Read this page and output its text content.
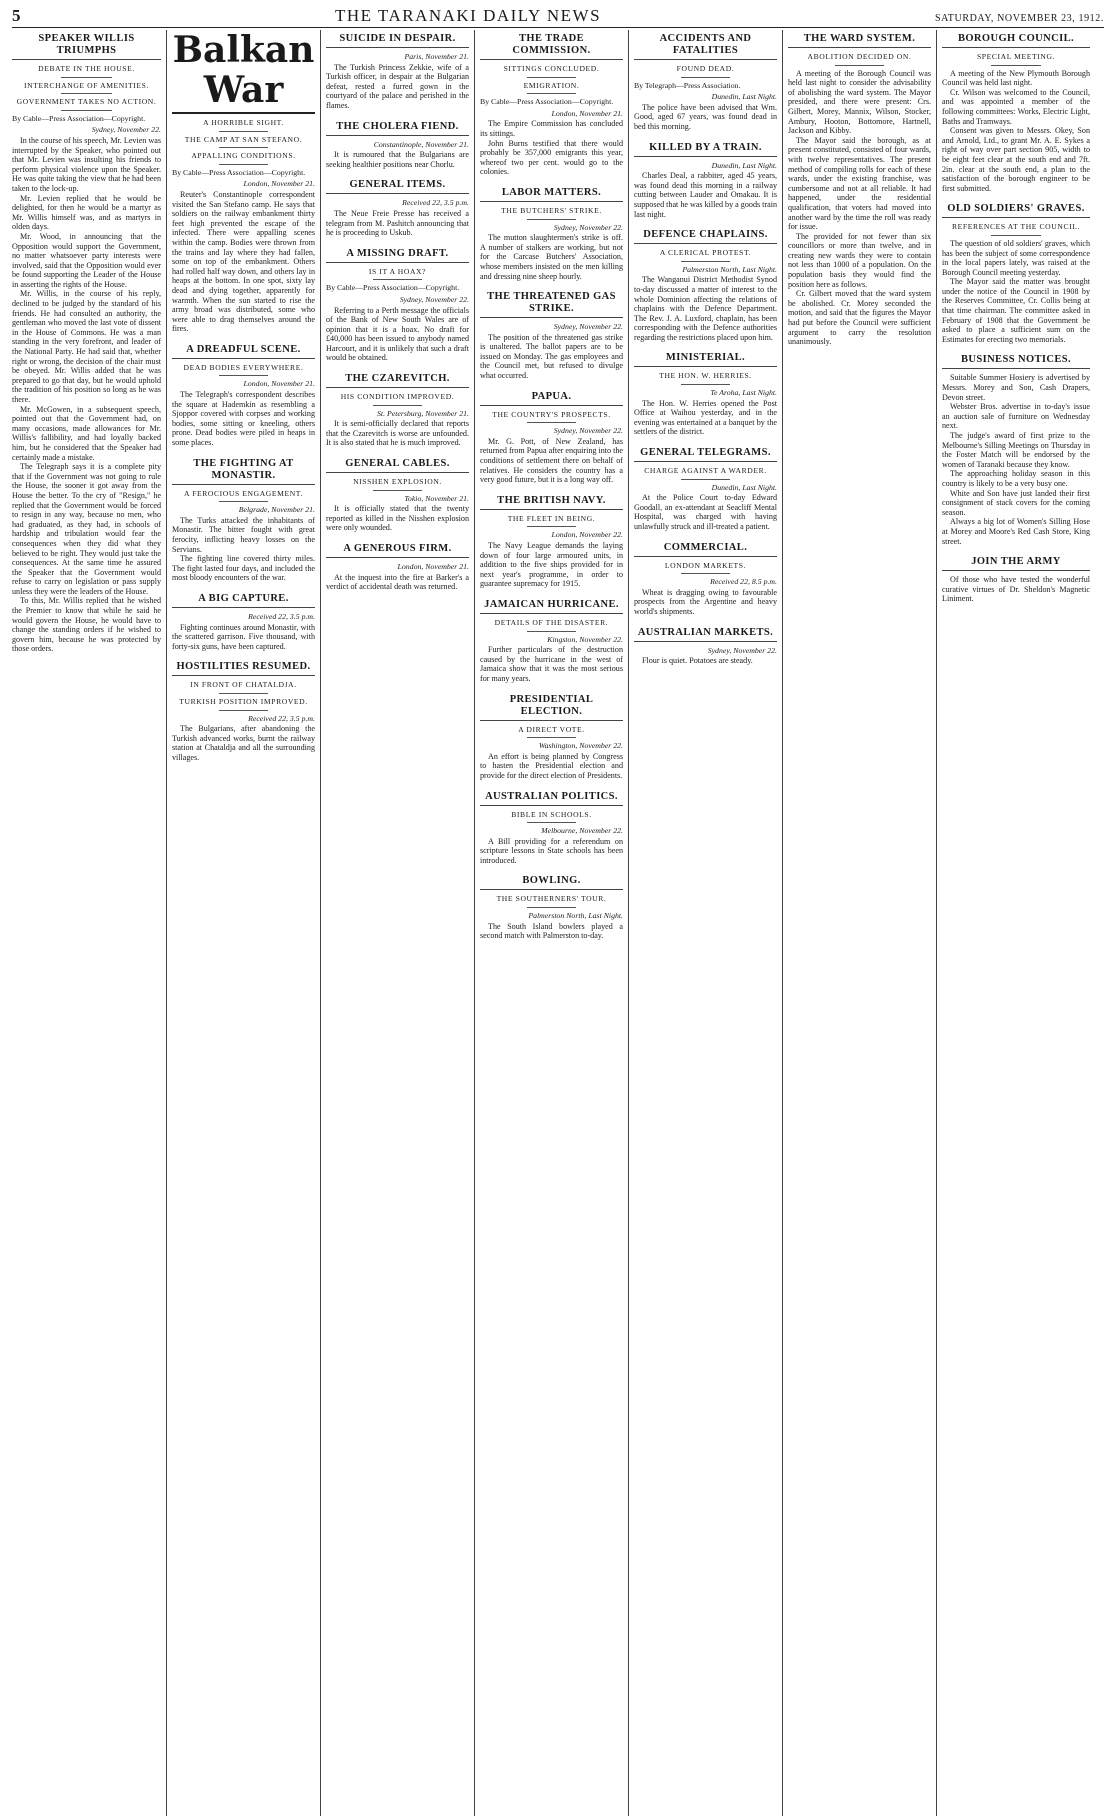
5	THE TARANAKI DAILY NEWS	SATURDAY, NOVEMBER 23, 1912.
SPEAKER WILLIS TRIUMPHS
DEBATE IN THE HOUSE.
INTERCHANGE OF AMENITIES.
GOVERNMENT TAKES NO ACTION.
By Cable—Press Association—Copyright.
Sydney, November 22.

In the course of his speech, Mr. Levien was interrupted by the Speaker, who pointed out that Mr. Levien was insulting his friends to perform physical violence upon the Speaker. He was quite taking the view that he had been taken to the lock-up.

Mr. Levien replied that he would be delighted, for then he would be a martyr as Mr. Willis himself was, and as martyrs in olden days.

Mr. Wood, in announcing that the Opposition would support the Government, no matter whatsoever party interests were involved, said that the Opposition would ever be found supporting the Leader of the House in asserting the rights of the House.

Mr. Willis, in the course of his reply, declined to be judged by the standard of his friends. He had consulted an authority, the gentleman who moved the last vote of dissent in the House of Commons. He was a man standing in the very forefront, and leader of the National Party. He had said that, whether right or wrong, the decision of the chair must be obeyed. Mr. Willis added that he was prepared to go that day, but he would uphold the tradition of his position so long as he was there.

Mr. McGowen, in a subsequent speech, pointed out that the Government had, on many occasions, made allowances for Mr. Willis's fallibility, and had loyally backed him, but he considered that the Speaker had certainly made a mistake.

The Telegraph says it is a complete pity that if the Government was not going to rule the House, the sooner it got away from the House the better. To the cry of "Resign," he replied that the Government would be forced to resign in any way, because no men, who had graduated, as they had, in schools of hardship and tribulation would fear the consequences when they did what they believed to be right. They would just take the consequences. At the same time he assured the Speaker that the Government would refuse to carry on legislation or pass supply unless they were the leaders of the House.

To this, Mr. Willis replied that he wished the Premier to know that while he said he would govern the House, he would have to change the standing orders if he wished to govern him, because he was protected by those orders.

Balkan War
A HORRIBLE SIGHT.
THE CAMP AT SAN STEFANO.
APPALLING CONDITIONS.
By Cable—Press Association—Copyright.
London, November 21.

Reuter's Constantinople correspondent visited the San Stefano camp. He says that soldiers on the railway embankment thirty feet high prevented the escape of the infected. There were appalling scenes within the camp. Bodies were thrown from the trains and lay where they had fallen, some on top of the embankment. Others had rolled half way down, and others lay in heaps at the bottom. In one spot, sixty lay dead and dying together, apparently for warmth. When the sun started to rise the army broad was distributed, some who were able to drag themselves around the fires.

A DREADFUL SCENE.
DEAD BODIES EVERYWHERE.
London, November 21.

The Telegraph's correspondent describes the square at Hademkin as resembling a Sjoppor covered with corpses and working bodies, some sitting or kneeling, others prone. Dead bodies were piled in heaps in some places.

THE FIGHTING AT MONASTIR.
A FEROCIOUS ENGAGEMENT.
Belgrade, November 21.

The Turks attacked the inhabitants of Monastir. The bitter fought with great ferocity, inflicting heavy losses on the Servians.

The fighting line covered thirty miles. The fight lasted four days, and included the most bloody encounters of the war.

A BIG CAPTURE.
Received 22, 3.5 p.m.

Fighting continues around Monastir, with the scattered garrison. Five thousand, with forty-six guns, have been captured.

HOSTILITIES RESUMED.
IN FRONT OF CHATALDJA.
TURKISH POSITION IMPROVED.
Received 22, 3.5 p.m.

The Bulgarians, after abandoning the Turkish advanced works, burnt the railway station at Chataldja and all the surrounding villages.

SUICIDE IN DESPAIR.
Paris, November 21.

The Turkish Princess Zekkie, wife of a Turkish officer, in despair at the Bulgarian defeat, rested a furred gown in the courtyard of the palace and perished in the flames.

THE CHOLERA FIEND.
Constantinople, November 21.

It is rumoured that the Bulgarians are seeking healthier positions near Chorlu.

GENERAL ITEMS.
Received 22, 3.5 p.m.

The Neue Freie Presse has received a telegram from M. Pashitch announcing that he is proceeding to Uskub.

A MISSING DRAFT.
IS IT A HOAX?
By Cable—Press Association—Copyright.
Sydney, November 22.

Referring to a Perth message the officials of the Bank of New South Wales are of opinion that it is a hoax. No draft for £40,000 has been issued to anybody named Harcourt, and it is unlikely that such a draft would be obtained.

THE CZAREVITCH.
HIS CONDITION IMPROVED.
St. Petersburg, November 21.

It is semi-officially declared that reports that the Czarevitch is worse are unfounded. It is also stated that he is much improved.

GENERAL CABLES.
NISSHEN EXPLOSION.
Tokio, November 21.

It is officially stated that the twenty reported as killed in the Nisshen explosion were only wounded.

A GENEROUS FIRM.
London, November 21.

At the inquest into the fire at Barker's a verdict of accidental death was returned.

THE TRADE COMMISSION.
SITTINGS CONCLUDED.
EMIGRATION.
By Cable—Press Association—Copyright.
London, November 21.

The Empire Commission has concluded its sittings.

John Burns testified that there would probably be 357,000 emigrants this year, whereof two per cent. would go to the colonies.

LABOR MATTERS.
THE BUTCHERS' STRIKE.
Sydney, November 22.

The mutton slaughtermen's strike is off. A number of stalkers are working, but not for the Carcase Butchers' Association, whose members insisted on the men killing and dressing nine sheep hourly.

THE THREATENED GAS STRIKE.
Sydney, November 22.

The position of the threatened gas strike is unaltered. The ballot papers are to be issued on Monday. The gas employees and the Council met, but refused to divulge what occurred.

PAPUA.
THE COUNTRY'S PROSPECTS.
Sydney, November 22.

Mr. G. Pott, of New Zealand, has returned from Papua after enquiring into the conditions of settlement there on behalf of relatives. He considers the country has a very good future, but it is a long way off.

THE BRITISH NAVY.
THE FLEET IN BEING.
London, November 22.

The Navy League demands the laying down of four large armoured units, in addition to the five ships provided for in next year's programme, in order to guarantee supremacy for 1915.

JAMAICAN HURRICANE.
DETAILS OF THE DISASTER.
Kingston, November 22.

Further particulars of the destruction caused by the hurricane in the west of Jamaica show that it was the most serious for many years.

PRESIDENTIAL ELECTION.
A DIRECT VOTE.
Washington, November 22.

An effort is being planned by Congress to hasten the Presidential election and provide for the direct election of Presidents.

AUSTRALIAN POLITICS.
BIBLE IN SCHOOLS.
Melbourne, November 22.

A Bill providing for a referendum on scripture lessons in State schools has been introduced.

BOWLING.
THE SOUTHERNERS' TOUR.
Palmerston North, Last Night.

The South Island bowlers played a second match with Palmerston to-day.

ACCIDENTS AND FATALITIES
FOUND DEAD.
By Telegraph—Press Association.
Dunedin, Last Night.

The police have been advised that Wm. Good, aged 67 years, was found dead in bed this morning.

KILLED BY A TRAIN.
Dunedin, Last Night.

Charles Deal, a rabbiter, aged 45 years, was found dead this morning in a railway cutting between Lauder and Omakau. It is supposed that he was killed by a goods train last night.

DEFENCE CHAPLAINS.
A CLERICAL PROTEST.
Palmerston North, Last Night.

The Wanganui District Methodist Synod to-day discussed a matter of interest to the whole Dominion affecting the relations of chaplains with the Defence Department. The Rev. J. A. Luxford, chaplain, has been corresponding with the Defence authorities regarding the restrictions placed upon him.

MINISTERIAL.
THE HON. W. HERRIES.
Te Aroha, Last Night.

The Hon. W. Herries opened the Post Office at Waihou yesterday, and in the evening was entertained at a banquet by the settlers of the district.

GENERAL TELEGRAMS.
CHARGE AGAINST A WARDER.
Dunedin, Last Night.

At the Police Court to-day Edward Goodall, an ex-attendant at Seacliff Mental Hospital, was charged with having unlawfully struck and ill-treated a patient.

COMMERCIAL.
LONDON MARKETS.
Received 22, 8.5 p.m.

Wheat is dragging owing to favourable prospects from the Argentine and heavy world's shipments.

AUSTRALIAN MARKETS.
Sydney, November 22.

Flour is quiet. Potatoes are steady.

THE WARD SYSTEM.
ABOLITION DECIDED ON.

A meeting of the Borough Council was held last night to consider the advisability of abolishing the ward system. The Mayor presided, and there were present: Crs. Gilbert, Morey, Mannix, Wilson, Stocker, Ambury, Hooton, Bottomore, Hartnell, Jackson and Kibby.

The Mayor said the borough, as at present constituted, consisted of four wards, with twelve representatives. The present method of compiling rolls for each of these wards, under the existing franchise, was cumbersome and not at all reliable. It had happened, under the residential qualification, that voters had moved into another ward by the time the roll was ready for issue.

The provided for not fewer than six councillors or more than twelve, and in creating new wards they were to contain not less than 1000 of a population. On the population basis they would find the position here as follows.

Cr. Gilbert moved that the ward system be abolished. Cr. Morey seconded the motion, and said that the figures the Mayor had put before the Council were sufficient argument to carry the resolution unanimously.

BOROUGH COUNCIL.
SPECIAL MEETING.

A meeting of the New Plymouth Borough Council was held last night.

Cr. Wilson was welcomed to the Council, and was appointed a member of the following committees: Works, Electric Light, Baths and Tramways.

Consent was given to Messrs. Okey, Son and Arnold, Ltd., to grant Mr. A. E. Sykes a right of way over part section 905, width to be eight feet clear at the south end and 7ft. 2in. clear at the south end, a plan to the satisfaction of the borough engineer to be first submitted.

OLD SOLDIERS' GRAVES.
REFERENCES AT THE COUNCIL.

The question of old soldiers' graves, which has been the subject of some correspondence in the local papers lately, was raised at the Borough Council meeting yesterday.

The Mayor said the matter was brought under the notice of the Council in 1908 by the Reserves Committee, Cr. Collis being at that time chairman. The committee asked in February of 1908 that the Government be asked to place a sufficient sum on the Estimates for erecting two memorials.

BUSINESS NOTICES.

Suitable Summer Hosiery is advertised by Messrs. Morey and Son, Cash Drapers, Devon street.

Webster Bros. advertise in to-day's issue an auction sale of furniture on Wednesday next.

The judge's award of first prize to the Melbourne's Silling Meetings on Thursday in the Foster Match will be endorsed by the women of Taranaki because they know.

The approaching holiday season in this country is likely to be a very busy one.

White and Son have just landed their first consignment of stack covers for the coming season.

Always a big lot of Women's Silling Hose at Morey and Moore's Red Cash Store, King street.

JOIN THE ARMY

Of those who have tested the wonderful curative virtues of Dr. Sheldon's Magnetic Liniment.
